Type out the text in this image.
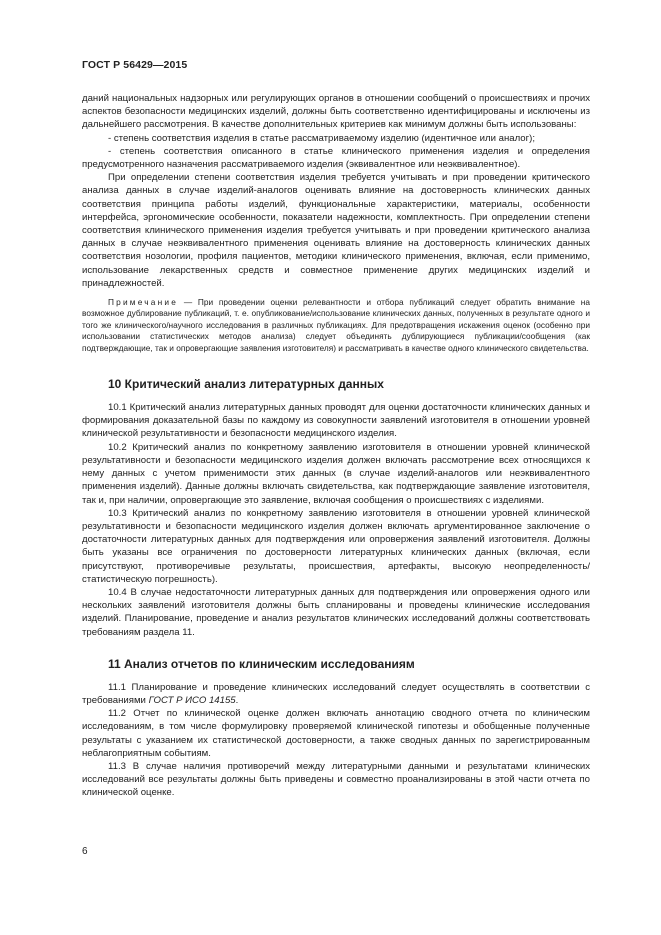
ГОСТ Р 56429—2015

даний национальных надзорных или регулирующих органов в отношении сообщений о происшествиях и прочих аспектов безопасности медицинских изделий, должны быть соответственно идентифицированы и исключены из дальнейшего рассмотрения. В качестве дополнительных критериев как минимум должны быть использованы:

- степень соответствия изделия в статье рассматриваемому изделию (идентичное или аналог);

- степень соответствия описанного в статье клинического применения изделия и определения предусмотренного назначения рассматриваемого изделия (эквивалентное или неэквивалентное).

При определении степени соответствия изделия требуется учитывать и при проведении критического анализа данных в случае изделий-аналогов оценивать влияние на достоверность клинических данных соответствия принципа работы изделий, функциональные характеристики, материалы, особенности интерфейса, эргономические особенности, показатели надежности, комплектность. При определении степени соответствия клинического применения изделия требуется учитывать и при проведении критического анализа данных в случае неэквивалентного применения оценивать влияние на достоверность клинических данных соответствия нозологии, профиля пациентов, методики клинического применения, включая, если применимо, использование лекарственных средств и совместное применение других медицинских изделий и принадлежностей.

Примечание — При проведении оценки релевантности и отбора публикаций следует обратить внимание на возможное дублирование публикаций, т. е. опубликование/использование клинических данных, полученных в результате одного и того же клинического/научного исследования в различных публикациях. Для предотвращения искажения оценок (особенно при использовании статистических методов анализа) следует объединять дублирующиеся публикации/сообщения (как подтверждающие, так и опровергающие заявления изготовителя) и рассматривать в качестве одного клинического свидетельства.

10 Критический анализ литературных данных

10.1 Критический анализ литературных данных проводят для оценки достаточности клинических данных и формирования доказательной базы по каждому из совокупности заявлений изготовителя в отношении уровней клинической результативности и безопасности медицинского изделия.

10.2 Критический анализ по конкретному заявлению изготовителя в отношении уровней клинической результативности и безопасности медицинского изделия должен включать рассмотрение всех относящихся к нему данных с учетом применимости этих данных (в случае изделий-аналогов или неэквивалентного применения изделий). Данные должны включать свидетельства, как подтверждающие заявление изготовителя, так и, при наличии, опровергающие это заявление, включая сообщения о происшествиях с изделиями.

10.3 Критический анализ по конкретному заявлению изготовителя в отношении уровней клинической результативности и безопасности медицинского изделия должен включать аргументированное заключение о достаточности литературных данных для подтверждения или опровержения заявлений изготовителя. Должны быть указаны все ограничения по достоверности литературных клинических данных (включая, если присутствуют, противоречивые результаты, происшествия, артефакты, высокую неопределенность/статистическую погрешность).

10.4 В случае недостаточности литературных данных для подтверждения или опровержения одного или нескольких заявлений изготовителя должны быть спланированы и проведены клинические исследования изделий. Планирование, проведение и анализ результатов клинических исследований должны соответствовать требованиям раздела 11.

11 Анализ отчетов по клиническим исследованиям

11.1 Планирование и проведение клинических исследований следует осуществлять в соответствии с требованиями ГОСТ Р ИСО 14155.

11.2 Отчет по клинической оценке должен включать аннотацию сводного отчета по клиническим исследованиям, в том числе формулировку проверяемой клинической гипотезы и обобщенные полученные результаты с указанием их статистической достоверности, а также сводных данных по зарегистрированным неблагоприятным событиям.

11.3 В случае наличия противоречий между литературными данными и результатами клинических исследований все результаты должны быть приведены и совместно проанализированы в этой части отчета по клинической оценке.

6
